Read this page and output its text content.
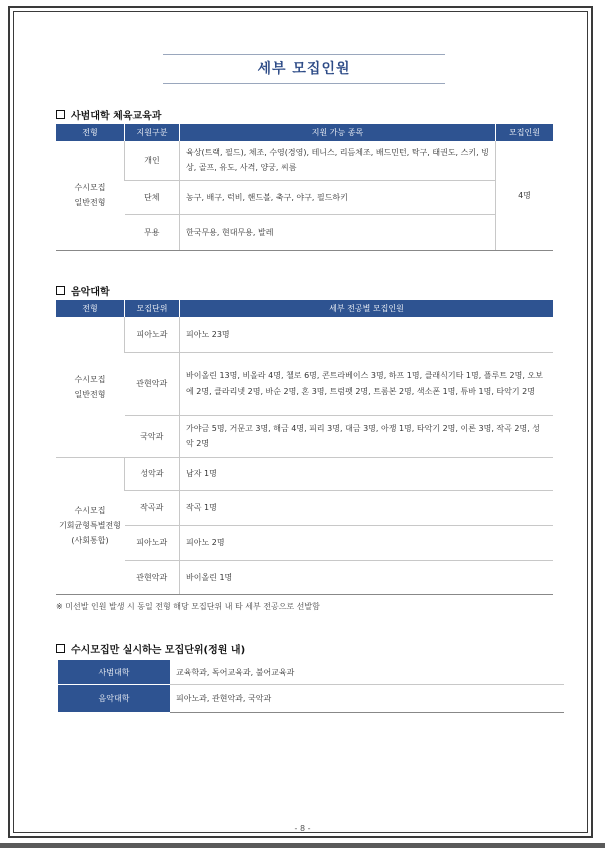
세부 모집인원
사범대학 체육교육과
전형	지원구분	지원 가능 종목	모집인원
수시모집
일반전형	개인	육상(트랙, 필드), 체조, 수영(경영), 테니스, 리듬체조, 배드민턴, 탁구, 태권도, 스키, 빙상, 골프, 유도, 사격, 양궁, 씨름	4명
	단체	농구, 배구, 럭비, 핸드볼, 축구, 야구, 필드하키	
	무용	한국무용, 현대무용, 발레	
음악대학
전형	모집단위	세부 전공별 모집인원
수시모집
일반전형	피아노과	피아노 23명
	관현악과	바이올린 13명, 비올라 4명, 첼로 6명, 콘트라베이스 3명, 하프 1명, 클래식기타 1명, 플루트 2명, 오보에 2명, 클라리넷 2명, 바순 2명, 혼 3명, 트럼펫 2명, 트롬본 2명, 색소폰 1명, 튜바 1명, 타악기 2명
	국악과	가야금 5명, 거문고 3명, 해금 4명, 피리 3명, 대금 3명, 아쟁 1명, 타악기 2명, 이론 3명, 작곡 2명, 성악 2명
수시모집
기회균형특별전형
(사회통합)	성악과	남자 1명
	작곡과	작곡 1명
	피아노과	피아노 2명
	관현악과	바이올린 1명
※ 미선발 인원 발생 시 동일 전형 해당 모집단위 내 타 세부 전공으로 선발함
수시모집만 실시하는 모집단위(정원 내)
사범대학	교육학과, 독어교육과, 불어교육과
음악대학	피아노과, 관현악과, 국악과
- 8 -
